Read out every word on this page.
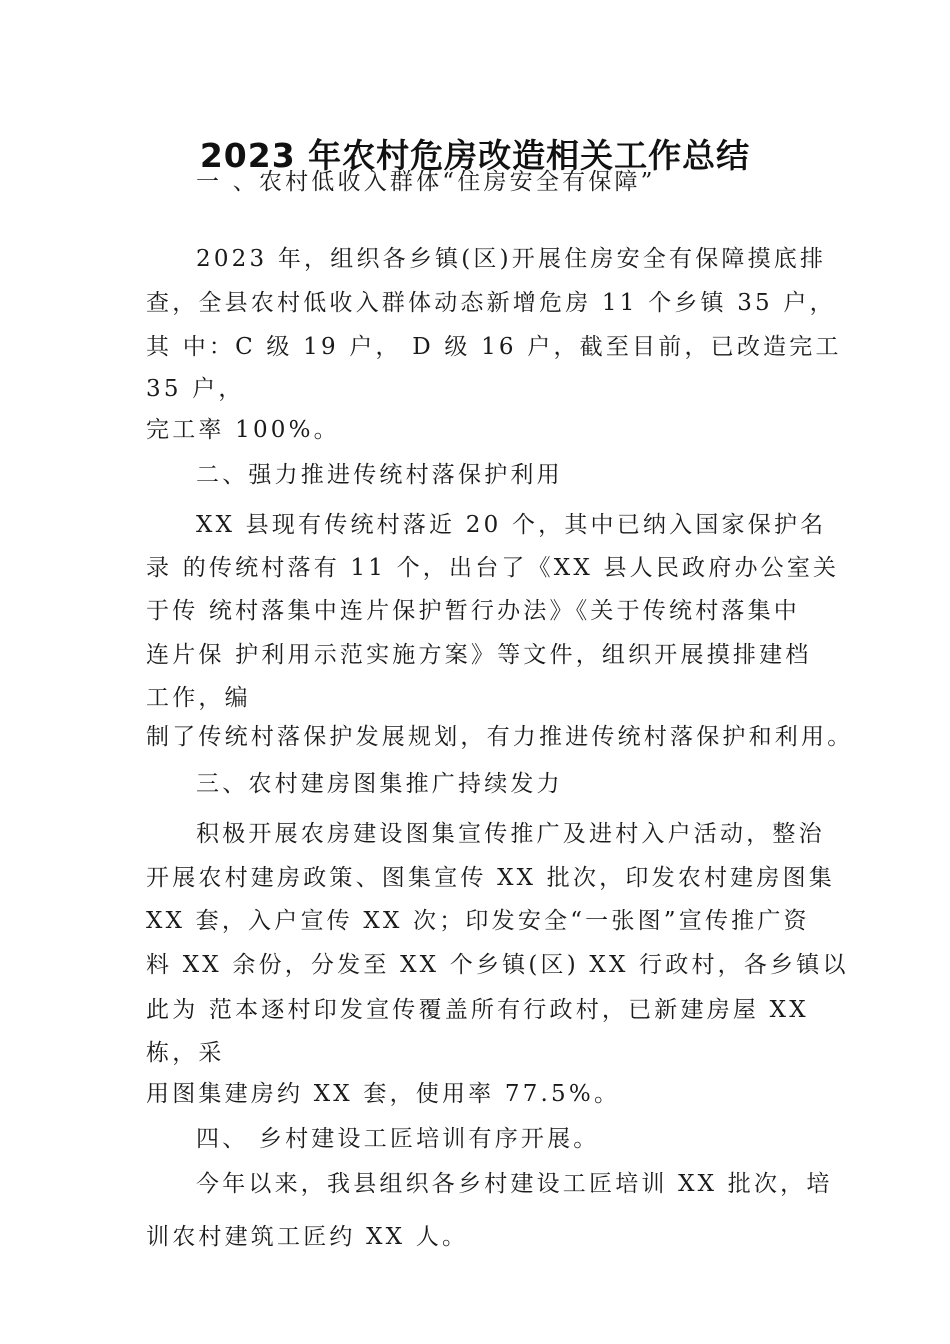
2023 年农村危房改造相关工作总结
一 、农村低收入群体“住房安全有保障”
2023 年，组织各乡镇(区)开展住房安全有保障摸底排
查，全县农村低收入群体动态新增危房 11 个乡镇 35 户，
其 中：C 级 19 户， D 级 16 户，截至目前，已改造完工
35 户，
完工率 100%。
二、强力推进传统村落保护利用
XX 县现有传统村落近 20 个，其中已纳入国家保护名
录 的传统村落有 11 个，出台了《XX 县人民政府办公室关
于传 统村落集中连片保护暂行办法》《关于传统村落集中
连片保 护利用示范实施方案》等文件，组织开展摸排建档
工作，编
制了传统村落保护发展规划，有力推进传统村落保护和利用。
三、农村建房图集推广持续发力
积极开展农房建设图集宣传推广及进村入户活动，整治
开展农村建房政策、图集宣传 XX 批次，印发农村建房图集
XX 套，入户宣传 XX 次；印发安全“一张图”宣传推广资
料 XX 余份，分发至 XX 个乡镇(区) XX 行政村，各乡镇以
此为 范本逐村印发宣传覆盖所有行政村，已新建房屋 XX
栋，采
用图集建房约 XX 套，使用率 77.5%。
四、 乡村建设工匠培训有序开展。
今年以来，我县组织各乡村建设工匠培训 XX 批次，培
训农村建筑工匠约 XX 人。
